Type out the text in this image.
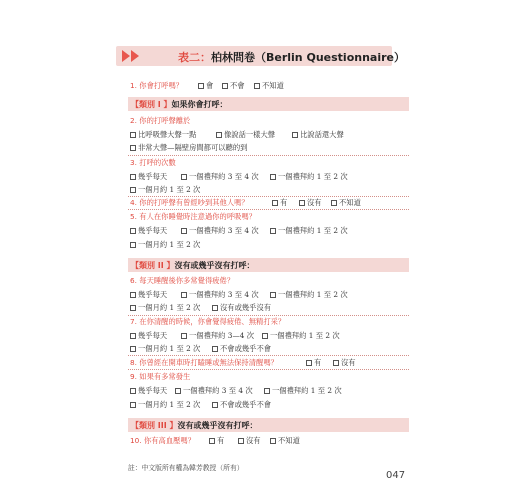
表二：柏林問卷（Berlin Questionnaire）
1. 你會打呼嗎？	會	不會	不知道
【類別 I 】如果你會打呼：
2. 你的打呼聲離於
比呼吸聲大聲一點	像說話一樣大聲	比說話還大聲
非常大聲—隔壁房間都可以聽的到
3. 打呼的次數
幾乎每天	一個禮拜約 3 至 4 次	一個禮拜約 1 至 2 次
一個月約 1 至 2 次
4. 你的打呼聲有曾經吵到其他人嗎？	有	沒有	不知道
5. 有人在你睡覺時注意過你的呼吸嗎？
幾乎每天	一個禮拜約 3 至 4 次	一個禮拜約 1 至 2 次
一個月約 1 至 2 次
【類別 II 】沒有或幾乎沒有打呼：
6. 每天睡醒後你多常覺得疲倦？
幾乎每天	一個禮拜約 3 至 4 次	一個禮拜約 1 至 2 次
一個月約 1 至 2 次	沒有或幾乎沒有
7. 在你清醒的時候，你會覺得疲倦、無精打采？
幾乎每天	一個禮拜約 3—4 次	一個禮拜約 1 至 2 次
一個月約 1 至 2 次	不會或幾乎不會
8. 你曾經在開車時打瞌睡或無法保持清醒嗎？	有	沒有
9. 如果有多常發生
幾乎每天	一個禮拜約 3 至 4 次	一個禮拜約 1 至 2 次
一個月約 1 至 2 次	不會或幾乎不會
【類別 III 】沒有或幾乎沒有打呼：
10. 你有高血壓嗎？	有	沒有	不知道
註：中文版所有權為韓芳教授（所有）
047
